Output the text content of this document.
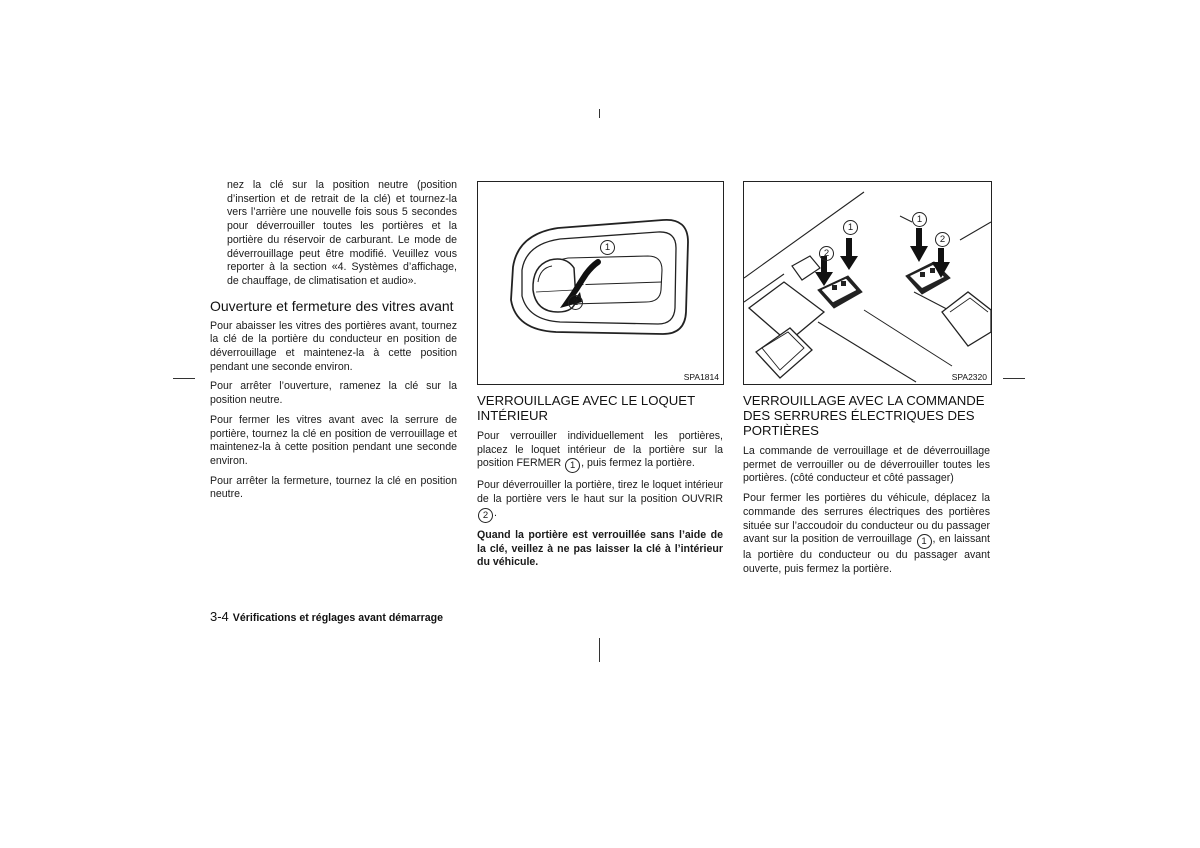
nez la clé sur la position neutre (position d’insertion et de retrait de la clé) et tournez-la vers l’arrière une nouvelle fois sous 5 secondes pour déverrouiller toutes les portières et la portière du réservoir de carburant. Le mode de déverrouillage peut être modifié. Veuillez vous reporter à la section «4. Systèmes d’affichage, de chauffage, de climatisation et audio».

Ouverture et fermeture des vitres avant

Pour abaisser les vitres des portières avant, tournez la clé de la portière du conducteur en position de déverrouillage et maintenez-la à cette position pendant une seconde environ.

Pour arrêter l’ouverture, ramenez la clé sur la position neutre.

Pour fermer les vitres avant avec la serrure de portière, tournez la clé en position de verrouillage et maintenez-la à cette position pendant une seconde environ.

Pour arrêter la fermeture, tournez la clé en position neutre.

1
2
SPA1814
VERROUILLAGE AVEC LE LOQUET INTÉRIEUR

Pour verrouiller individuellement les portières, placez le loquet intérieur de la portière sur la position FERMER 1 , puis fermez la portière.

Pour déverrouiller la portière, tirez le loquet intérieur de la portière vers le haut sur la position OUVRIR 2 .

Quand la portière est verrouillée sans l’aide de la clé, veillez à ne pas laisser la clé à l’intérieur du véhicule.

1
2
1
2
SPA2320
VERROUILLAGE AVEC LA COMMANDE DES SERRURES ÉLECTRIQUES DES PORTIÈRES

La commande de verrouillage et de déverrouillage permet de verrouiller ou de déverrouiller toutes les portières. (côté conducteur et côté passager)

Pour fermer les portières du véhicule, déplacez la commande des serrures électriques des portières située sur l’accoudoir du conducteur ou du passager avant sur la position de verrouillage 1 , en laissant la portière du conducteur ou du passager avant ouverte, puis fermez la portière.

3-4 Vérifications et réglages avant démarrage
